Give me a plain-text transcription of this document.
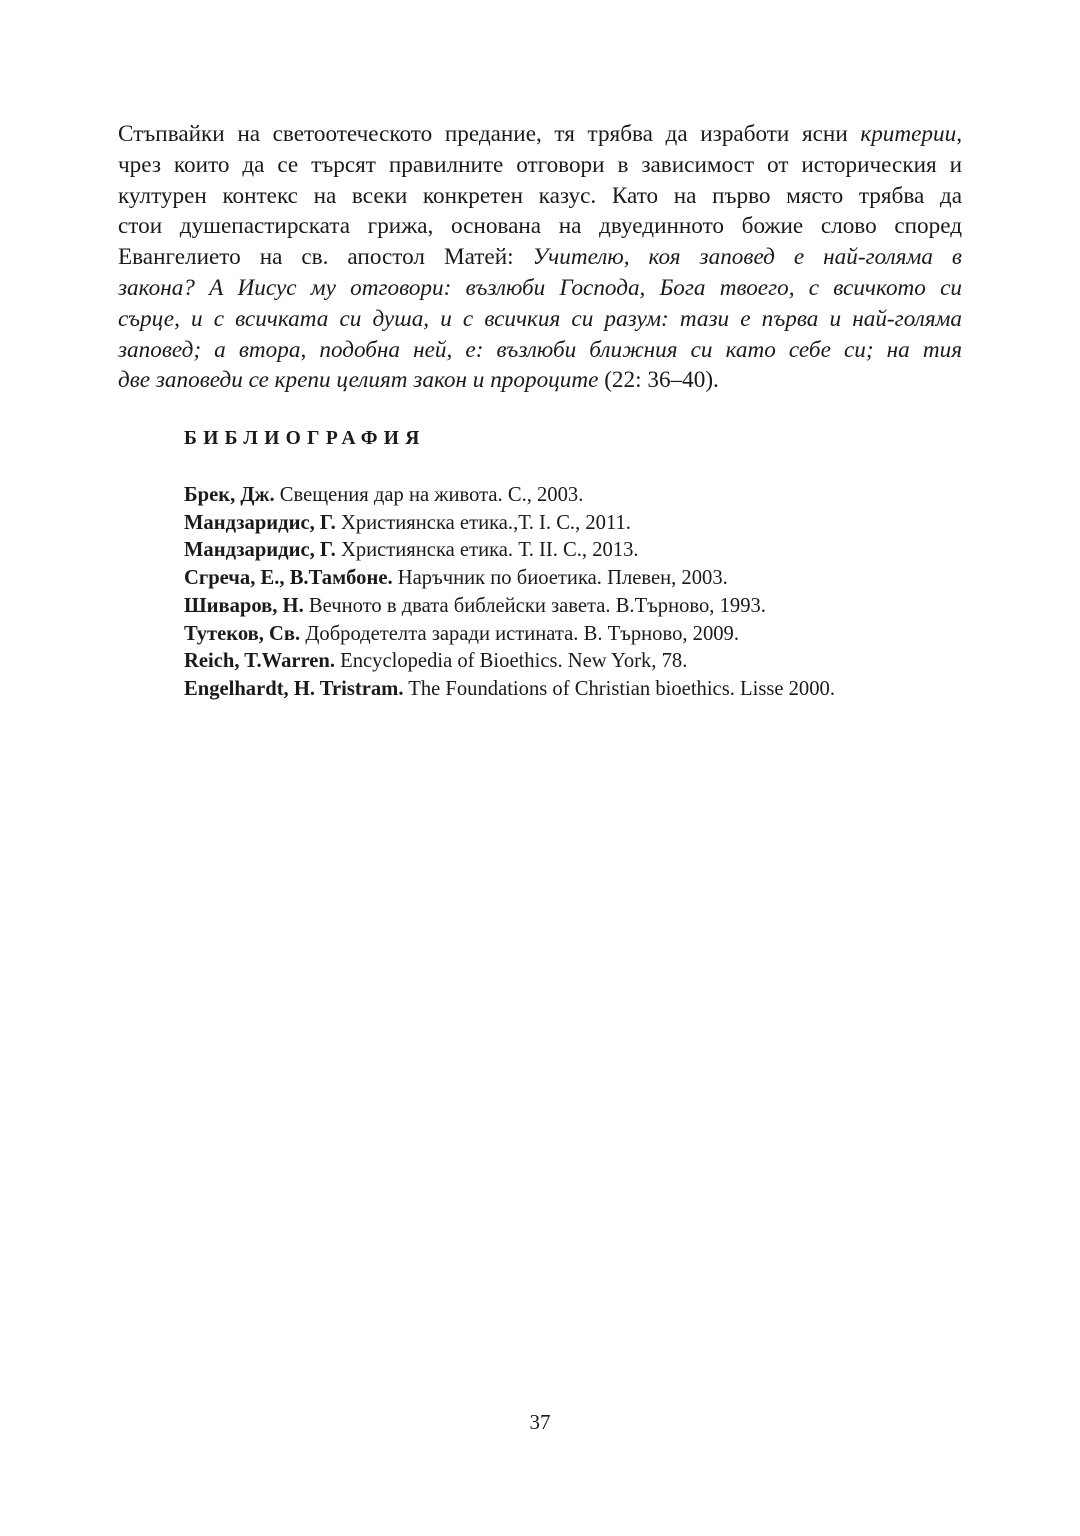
Стъпвайки на светоотеческото предание, тя трябва да изработи ясни критерии,
чрез които да се търсят правилните отговори в зависимост от историческия и
културен контекс на всеки конкретен казус. Като на първо място трябва да
стои душепастирската грижа, основана на двуединното божие слово според
Евангелието на св. апостол Матей: Учителю, коя заповед е най-голяма в
закона? А Иисус му отговори: възлюби Господа, Бога твоего, с всичкото си
сърце, и с всичката си душа, и с всичкия си разум: тази е първа и най-голяма
заповед; а втора, подобна ней, е: възлюби ближния си като себе си; на тия
две заповеди се крепи целият закон и пророците (22: 36–40).
БИБЛИОГРАФИЯ
Брек, Дж. Свещения дар на живота. С., 2003.
Мандзаридис, Г. Християнска етика.,Т. I. С., 2011.
Мандзаридис, Г. Християнска етика. Т. II. С., 2013.
Сгреча, Е., В.Тамбоне. Наръчник по биоетика. Плевен, 2003.
Шиваров, Н. Вечното в двата библейски завета. В.Търново, 1993.
Тутеков, Св. Добродетелта заради истината. В. Търново, 2009.
Reich, T.Warren. Encyclopedia of Bioethics. New York, 78.
Engelhardt, H. Tristram. The Foundations of Christian bioethics. Lisse 2000.
37
